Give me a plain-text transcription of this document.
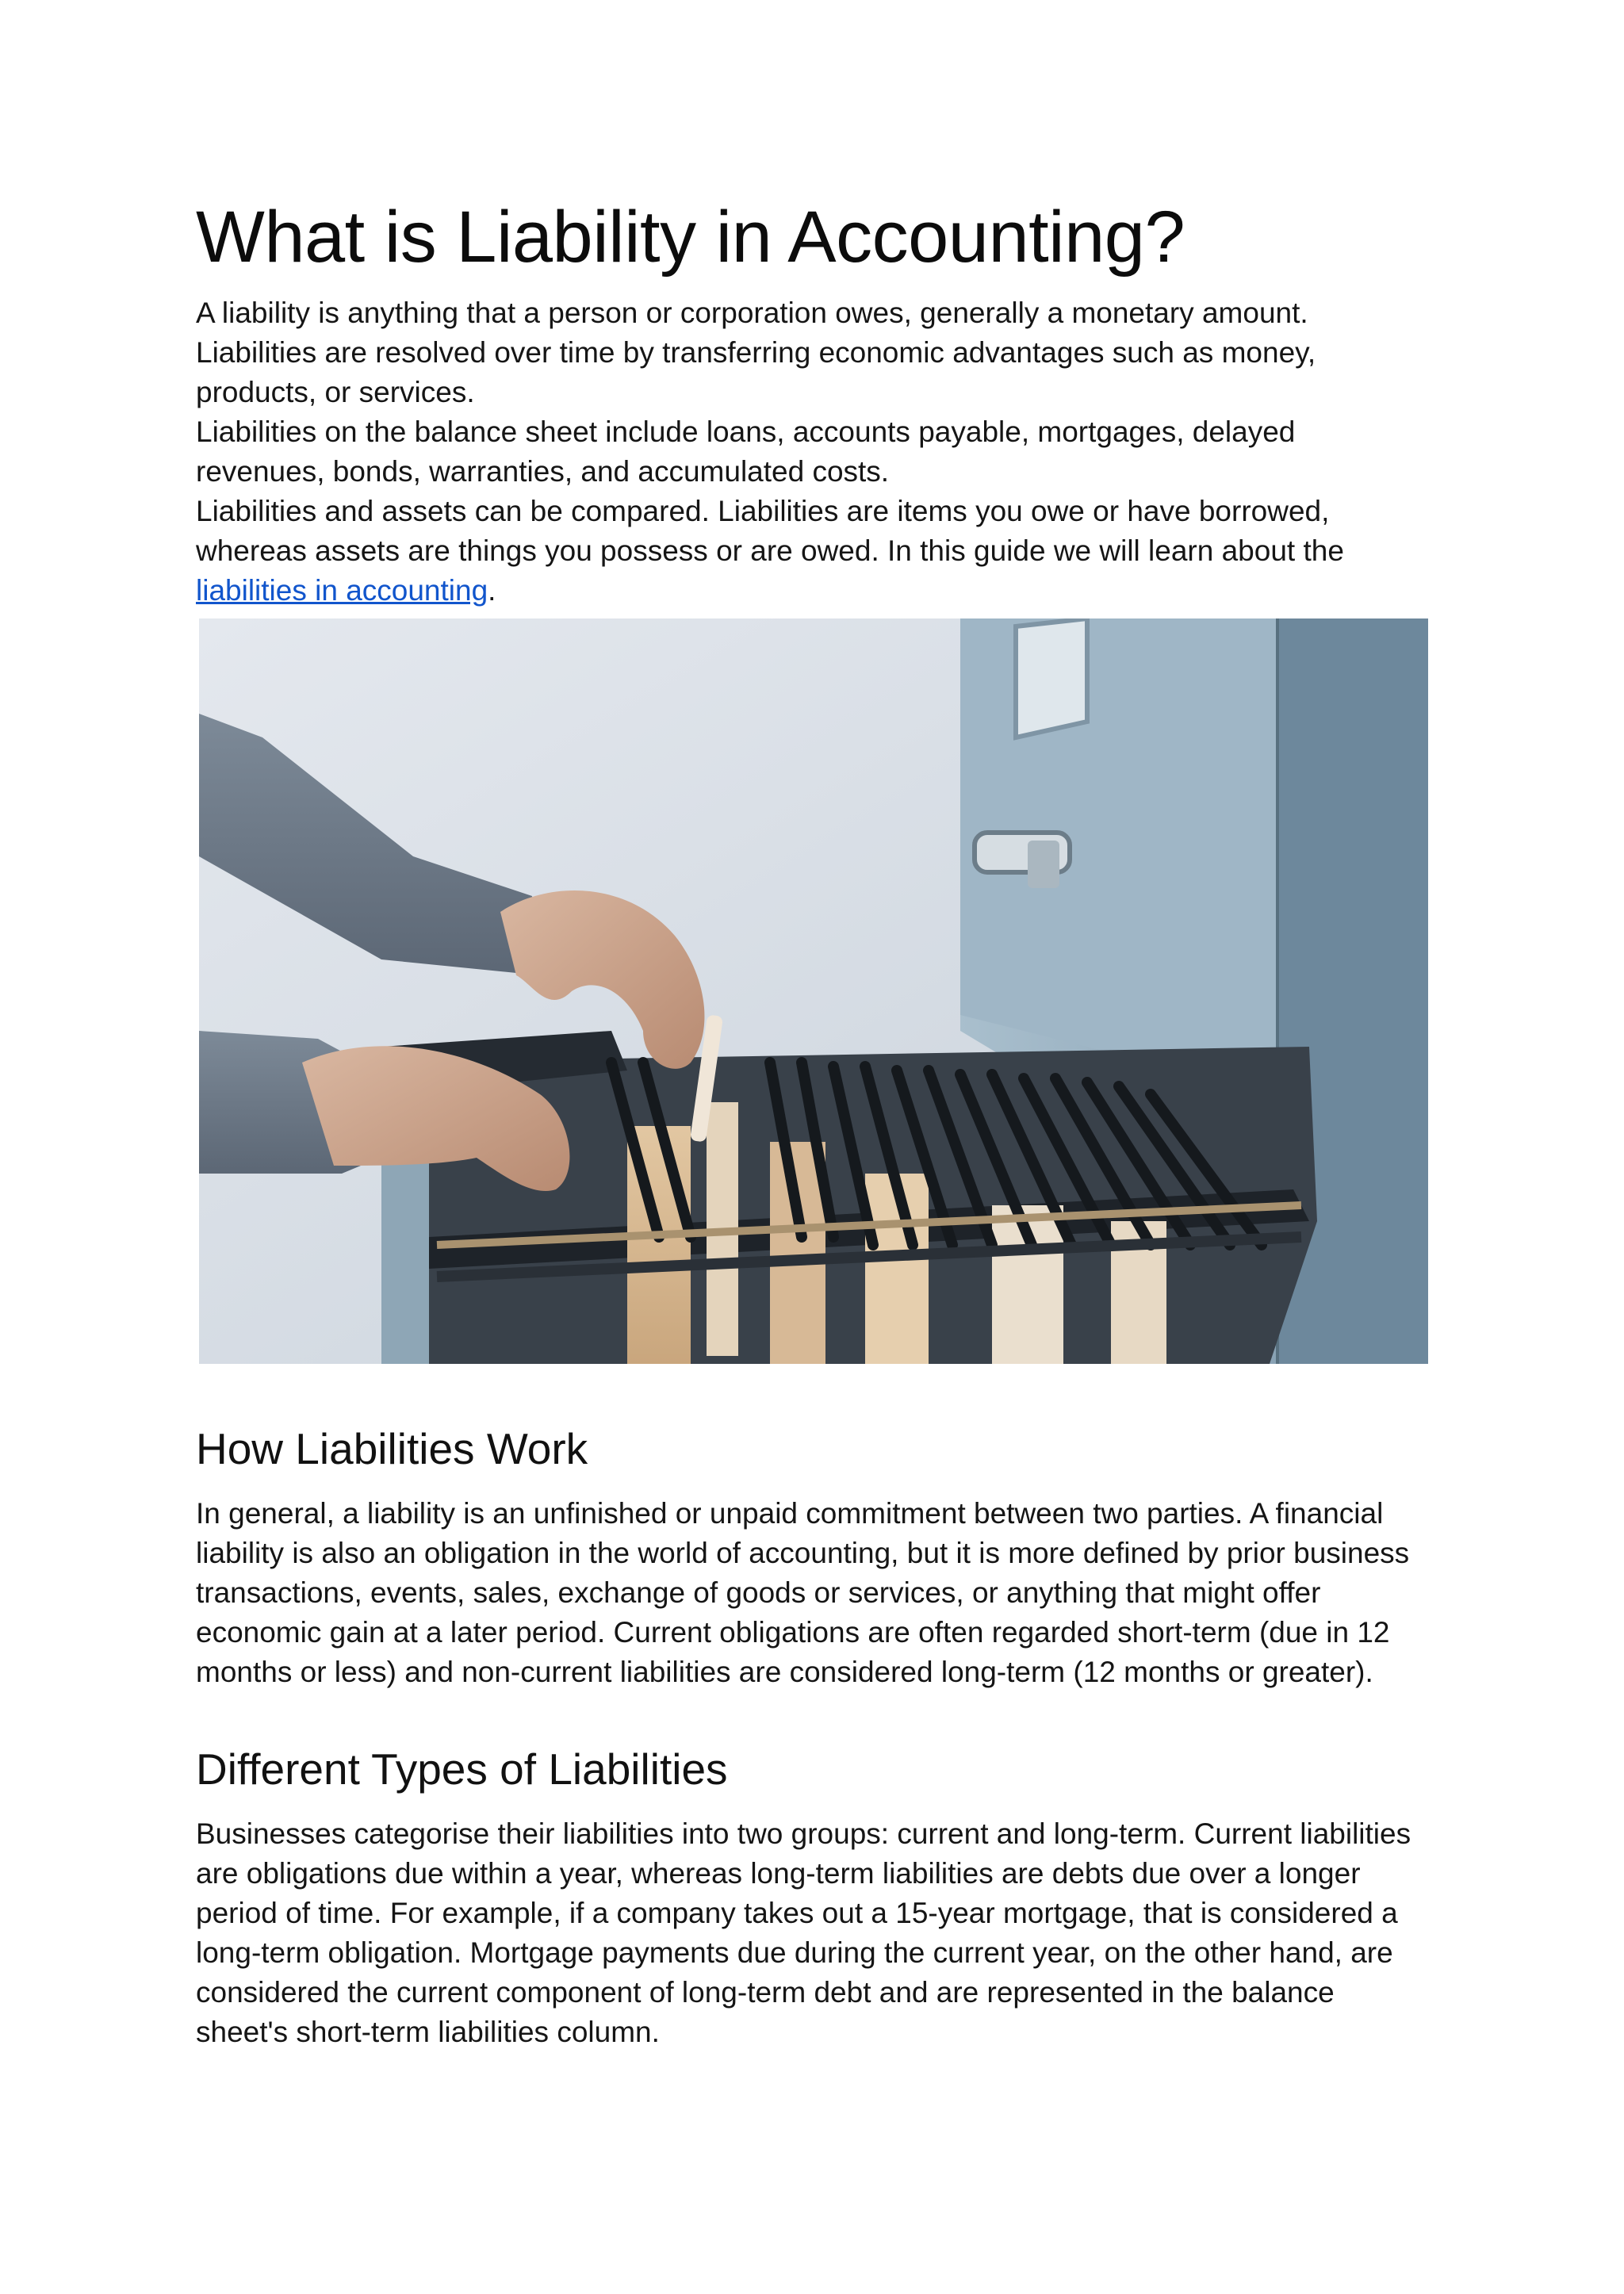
What is Liability in Accounting?

A liability is anything that a person or corporation owes, generally a monetary amount.
Liabilities are resolved over time by transferring economic advantages such as money,
products, or services.
Liabilities on the balance sheet include loans, accounts payable, mortgages, delayed
revenues, bonds, warranties, and accumulated costs.
Liabilities and assets can be compared. Liabilities are items you owe or have borrowed,
whereas assets are things you possess or are owed. In this guide we will learn about the
liabilities in accounting.

How Liabilities Work

In general, a liability is an unfinished or unpaid commitment between two parties. A financial liability is also an obligation in the world of accounting, but it is more defined by prior business transactions, events, sales, exchange of goods or services, or anything that might offer economic gain at a later period. Current obligations are often regarded short-term (due in 12 months or less) and non-current liabilities are considered long-term (12 months or greater).

Different Types of Liabilities

Businesses categorise their liabilities into two groups: current and long-term. Current liabilities are obligations due within a year, whereas long-term liabilities are debts due over a longer period of time. For example, if a company takes out a 15-year mortgage, that is considered a long-term obligation. Mortgage payments due during the current year, on the other hand, are considered the current component of long-term debt and are represented in the balance sheet's short-term liabilities column.
